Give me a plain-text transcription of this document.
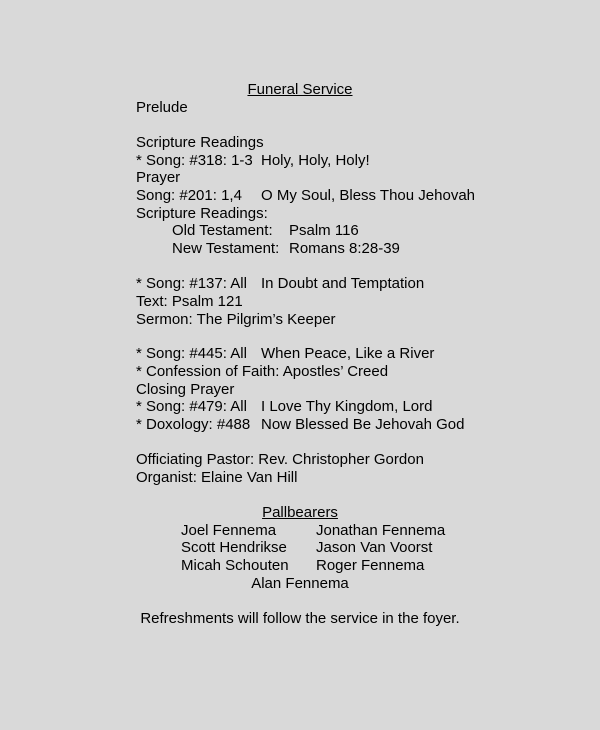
Funeral Service
Prelude
Scripture Readings
* Song: #318: 1-3 Holy, Holy, Holy!
Prayer
Song: #201: 1,4 O My Soul, Bless Thou Jehovah
Scripture Readings:
Old Testament: Psalm 116
New Testament: Romans 8:28-39
* Song: #137: All In Doubt and Temptation
Text: Psalm 121
Sermon: The Pilgrim’s Keeper
* Song: #445: All When Peace, Like a River
* Confession of Faith: Apostles’ Creed
Closing Prayer
* Song: #479: All I Love Thy Kingdom, Lord
* Doxology: #488 Now Blessed Be Jehovah God
Officiating Pastor: Rev. Christopher Gordon
Organist: Elaine Van Hill
Pallbearers
Joel Fennema	Jonathan Fennema
Scott Hendrikse Jason Van Voorst
Micah Schouten Roger Fennema
Alan Fennema
Refreshments will follow the service in the foyer.
